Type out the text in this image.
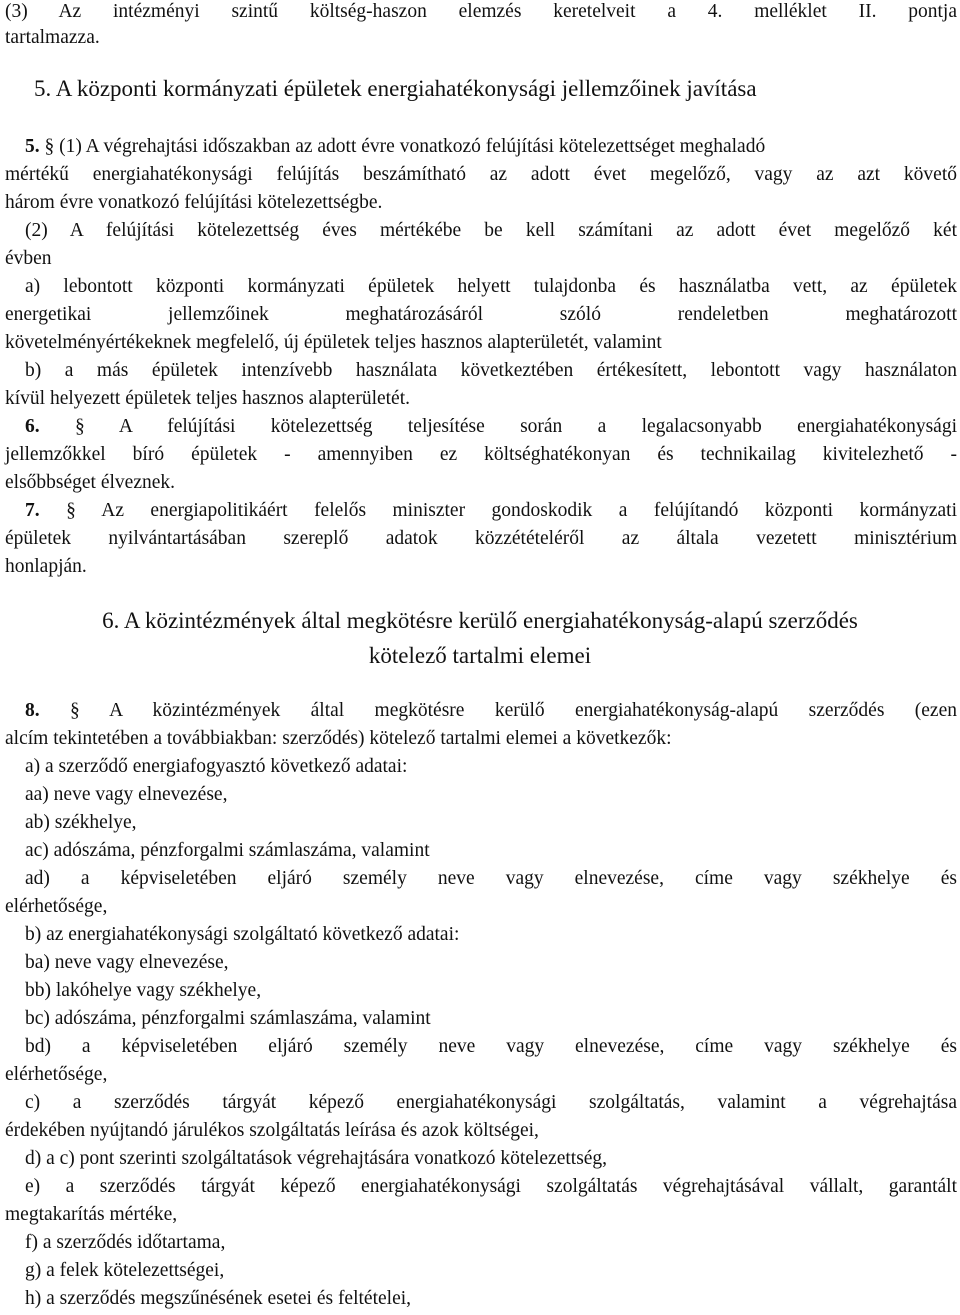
(3) Az intézményi szintű költség-haszon elemzés keretelveit a 4. melléklet II. pontja
tartalmazza.
5. A központi kormányzati épületek energiahatékonysági jellemzőinek javítása
5. § (1) A végrehajtási időszakban az adott évre vonatkozó felújítási kötelezettséget meghaladó
mértékű energiahatékonysági felújítás beszámítható az adott évet megelőző, vagy az azt követő
három évre vonatkozó felújítási kötelezettségbe.
(2) A felújítási kötelezettség éves mértékébe be kell számítani az adott évet megelőző két
évben
a) lebontott központi kormányzati épületek helyett tulajdonba és használatba vett, az épületek
energetikai jellemzőinek meghatározásáról szóló rendeletben meghatározott
követelményértékeknek megfelelő, új épületek teljes hasznos alapterületét, valamint
b) a más épületek intenzívebb használata következtében értékesített, lebontott vagy használaton
kívül helyezett épületek teljes hasznos alapterületét.
6. § A felújítási kötelezettség teljesítése során a legalacsonyabb energiahatékonysági
jellemzőkkel bíró épületek - amennyiben ez költséghatékonyan és technikailag kivitelezhető -
elsőbbséget élveznek.
7. § Az energiapolitikáért felelős miniszter gondoskodik a felújítandó központi kormányzati
épületek nyilvántartásában szereplő adatok közzétételéről az általa vezetett minisztérium
honlapján.
6. A közintézmények által megkötésre kerülő energiahatékonyság-alapú szerződés
kötelező tartalmi elemei
8. § A közintézmények által megkötésre kerülő energiahatékonyság-alapú szerződés (ezen
alcím tekintetében a továbbiakban: szerződés) kötelező tartalmi elemei a következők:
a) a szerződő energiafogyasztó következő adatai:
aa) neve vagy elnevezése,
ab) székhelye,
ac) adószáma, pénzforgalmi számlaszáma, valamint
ad) a képviseletében eljáró személy neve vagy elnevezése, címe vagy székhelye és
elérhetősége,
b) az energiahatékonysági szolgáltató következő adatai:
ba) neve vagy elnevezése,
bb) lakóhelye vagy székhelye,
bc) adószáma, pénzforgalmi számlaszáma, valamint
bd) a képviseletében eljáró személy neve vagy elnevezése, címe vagy székhelye és
elérhetősége,
c) a szerződés tárgyát képező energiahatékonysági szolgáltatás, valamint a végrehajtása
érdekében nyújtandó járulékos szolgáltatás leírása és azok költségei,
d) a c) pont szerinti szolgáltatások végrehajtására vonatkozó kötelezettség,
e) a szerződés tárgyát képező energiahatékonysági szolgáltatás végrehajtásával vállalt, garantált
megtakarítás mértéke,
f) a szerződés időtartama,
g) a felek kötelezettségei,
h) a szerződés megszűnésének esetei és feltételei,
